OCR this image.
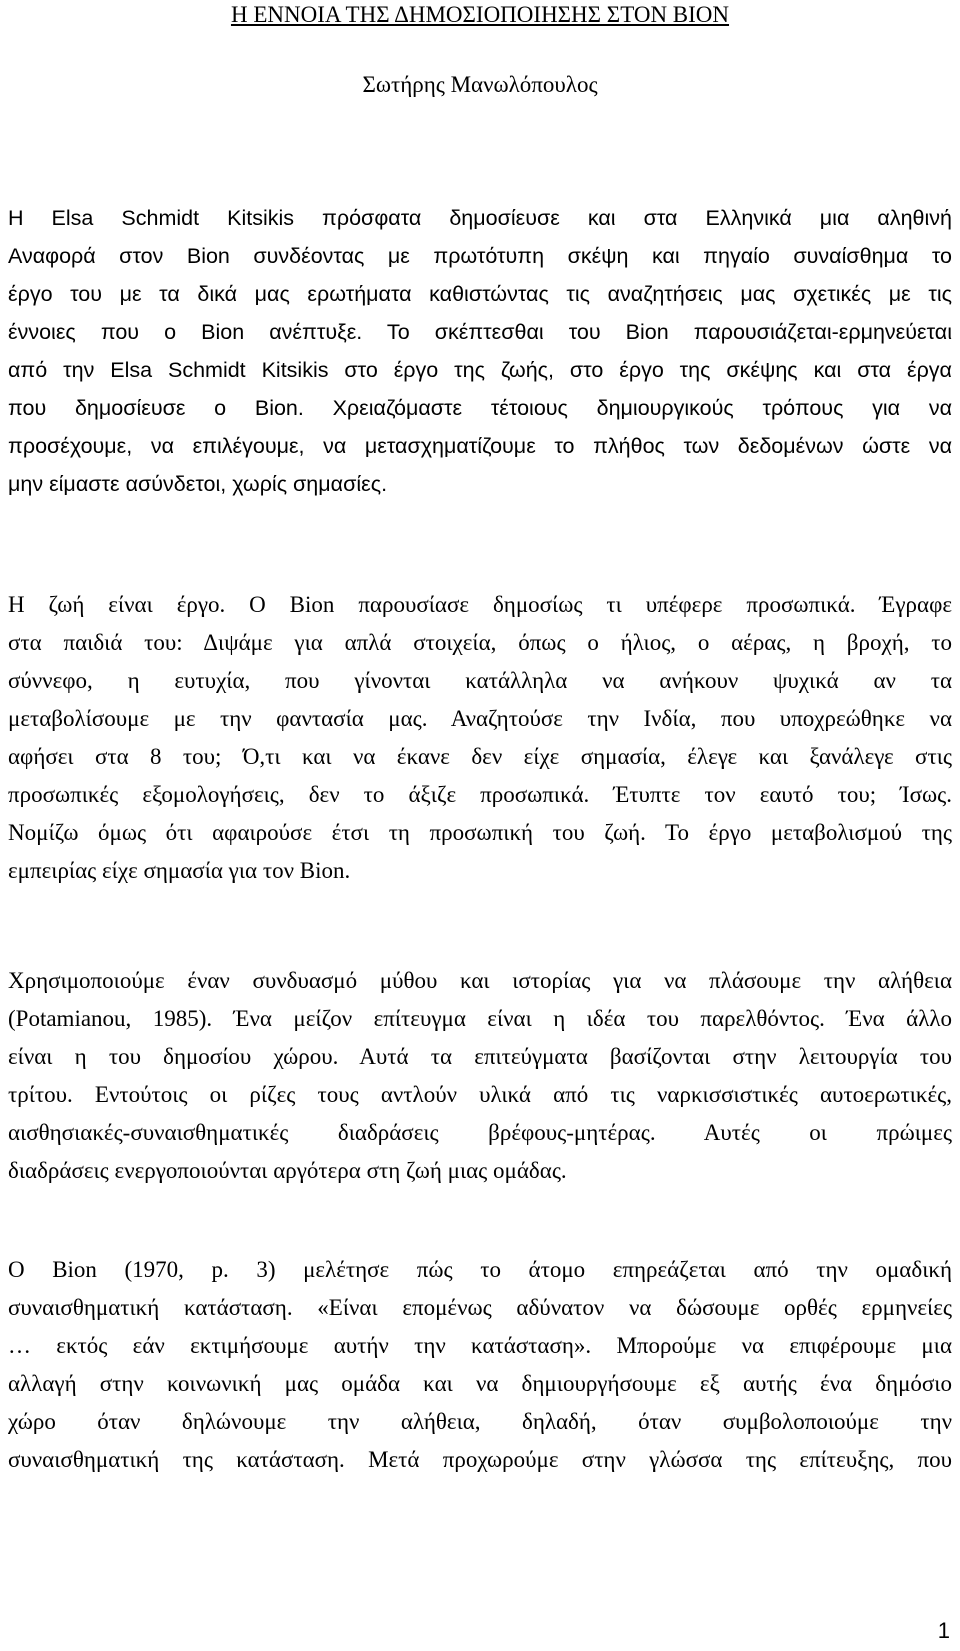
Η ΕΝΝΟΙΑ ΤΗΣ ΔΗΜΟΣΙΟΠΟΙΗΣΗΣ ΣΤΟΝ BION
Σωτήρης Μανωλόπουλος

Η Elsa Schmidt Kitsikis πρόσφατα δημοσίευσε και στα Ελληνικά μια αληθινή
Αναφορά στον Bion συνδέοντας με πρωτότυπη σκέψη και πηγαίο συναίσθημα το
έργο του με τα δικά μας ερωτήματα καθιστώντας τις αναζητήσεις μας σχετικές με τις
έννοιες που ο Bion ανέπτυξε. Το σκέπτεσθαι του Bion παρουσιάζεται-ερμηνεύεται
από την Elsa Schmidt Kitsikis στο έργο της ζωής, στο έργο της σκέψης και στα έργα
που δημοσίευσε ο Bion. Χρειαζόμαστε τέτοιους δημιουργικούς τρόπους για να
προσέχουμε, να επιλέγουμε, να μετασχηματίζουμε το πλήθος των δεδομένων ώστε να
μην είμαστε ασύνδετοι, χωρίς σημασίες.

Η ζωή είναι έργο. Ο Bion παρουσίασε δημοσίως τι υπέφερε προσωπικά. Έγραφε
στα παιδιά του: Διψάμε για απλά στοιχεία, όπως ο ήλιος, ο αέρας, η βροχή, το
σύννεφο, η ευτυχία, που γίνονται κατάλληλα να ανήκουν ψυχικά αν τα
μεταβολίσουμε με την φαντασία μας. Αναζητούσε την Ινδία, που υποχρεώθηκε να
αφήσει στα 8 του; Ό,τι και να έκανε δεν είχε σημασία, έλεγε και ξανάλεγε στις
προσωπικές εξομολογήσεις, δεν το άξιζε προσωπικά. Έτυπτε τον εαυτό του; Ίσως.
Νομίζω όμως ότι αφαιρούσε έτσι τη προσωπική του ζωή. Το έργο μεταβολισμού της
εμπειρίας είχε σημασία για τον Bion.

Χρησιμοποιούμε έναν συνδυασμό μύθου και ιστορίας για να πλάσουμε την αλήθεια
(Potamianou, 1985). Ένα μείζον επίτευγμα είναι η ιδέα του παρελθόντος. Ένα άλλο
είναι η του δημοσίου χώρου. Αυτά τα επιτεύγματα βασίζονται στην λειτουργία του
τρίτου. Εντούτοις οι ρίζες τους αντλούν υλικά από τις ναρκισσιστικές αυτοερωτικές,
αισθησιακές-συναισθηματικές διαδράσεις βρέφους-μητέρας. Αυτές οι πρώιμες
διαδράσεις ενεργοποιούνται αργότερα στη ζωή μιας ομάδας.

Ο Bion (1970, p. 3) μελέτησε πώς το άτομο επηρεάζεται από την ομαδική
συναισθηματική κατάσταση. «Είναι επομένως αδύνατον να δώσουμε ορθές ερμηνείες
… εκτός εάν εκτιμήσουμε αυτήν την κατάσταση». Μπορούμε να επιφέρουμε μια
αλλαγή στην κοινωνική μας ομάδα και να δημιουργήσουμε εξ αυτής ένα δημόσιο
χώρο όταν δηλώνουμε την αλήθεια, δηλαδή, όταν συμβολοποιούμε την
συναισθηματική της κατάσταση. Μετά προχωρούμε στην γλώσσα της επίτευξης, που

1
